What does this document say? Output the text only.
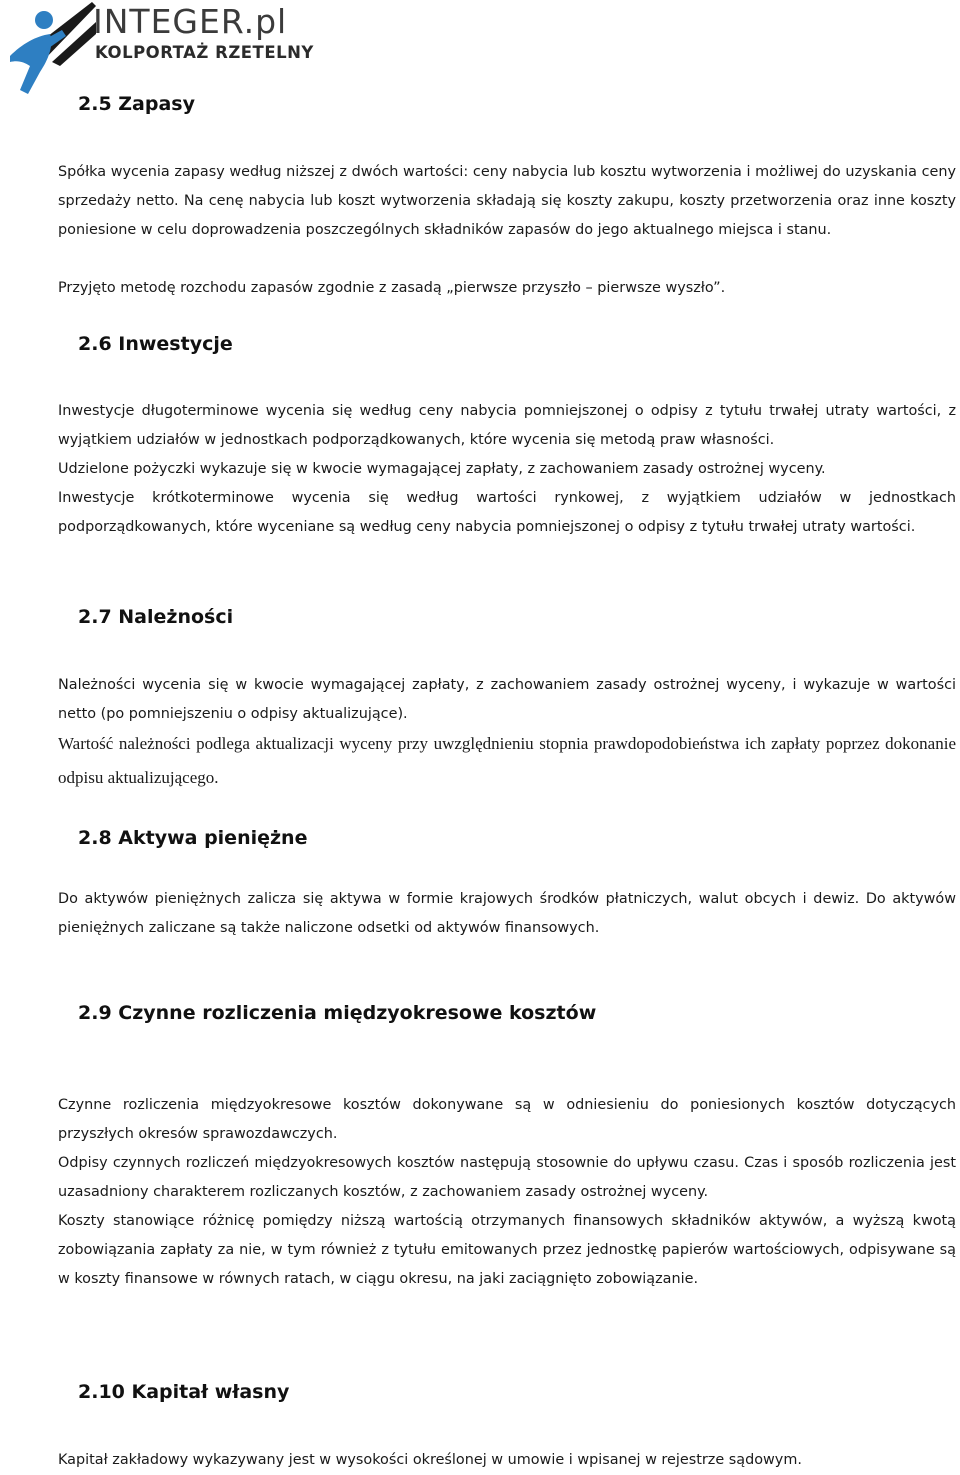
INTEGER.pl
KOLPORTAŻ RZETELNY
2.5 Zapasy

Spółka wycenia zapasy według niższej z dwóch wartości: ceny nabycia lub kosztu wytworzenia i możliwej do uzyskania ceny sprzedaży netto. Na cenę nabycia lub koszt wytworzenia składają się koszty zakupu, koszty przetworzenia oraz inne koszty poniesione w celu doprowadzenia poszczególnych składników zapasów do jego aktualnego miejsca i stanu.

Przyjęto metodę rozchodu zapasów zgodnie z zasadą „pierwsze przyszło – pierwsze wyszło”.

2.6 Inwestycje

Inwestycje długoterminowe wycenia się według ceny nabycia pomniejszonej o odpisy z tytułu trwałej utraty wartości, z wyjątkiem udziałów w jednostkach podporządkowanych, które wycenia się metodą praw własności.

Udzielone pożyczki wykazuje się w kwocie wymagającej zapłaty, z zachowaniem zasady ostrożnej wyceny.

Inwestycje krótkoterminowe wycenia się według wartości rynkowej, z wyjątkiem udziałów w jednostkach podporządkowanych, które wyceniane są według ceny nabycia pomniejszonej o odpisy z tytułu trwałej utraty wartości.

2.7 Należności

Należności wycenia się w kwocie wymagającej zapłaty, z zachowaniem zasady ostrożnej wyceny, i wykazuje w wartości netto (po pomniejszeniu o odpisy aktualizujące).

Wartość należności podlega aktualizacji wyceny przy uwzględnieniu stopnia prawdopodobieństwa ich zapłaty poprzez dokonanie odpisu aktualizującego.

2.8 Aktywa pieniężne

Do aktywów pieniężnych zalicza się aktywa w formie krajowych środków płatniczych, walut obcych i dewiz. Do aktywów pieniężnych zaliczane są także naliczone odsetki od aktywów finansowych.

2.9 Czynne rozliczenia międzyokresowe kosztów

Czynne rozliczenia międzyokresowe kosztów dokonywane są w odniesieniu do poniesionych kosztów dotyczących przyszłych okresów sprawozdawczych.

Odpisy czynnych rozliczeń międzyokresowych kosztów następują stosownie do upływu czasu. Czas i sposób rozliczenia jest uzasadniony charakterem rozliczanych kosztów, z zachowaniem zasady ostrożnej wyceny.

Koszty stanowiące różnicę pomiędzy niższą wartością otrzymanych finansowych składników aktywów, a wyższą kwotą zobowiązania zapłaty za nie, w tym również z tytułu emitowanych przez jednostkę papierów wartościowych, odpisywane są w koszty finansowe w równych ratach, w ciągu okresu, na jaki zaciągnięto zobowiązanie.

2.10 Kapitał własny

Kapitał zakładowy wykazywany jest w wysokości określonej w umowie i wpisanej w rejestrze sądowym.
